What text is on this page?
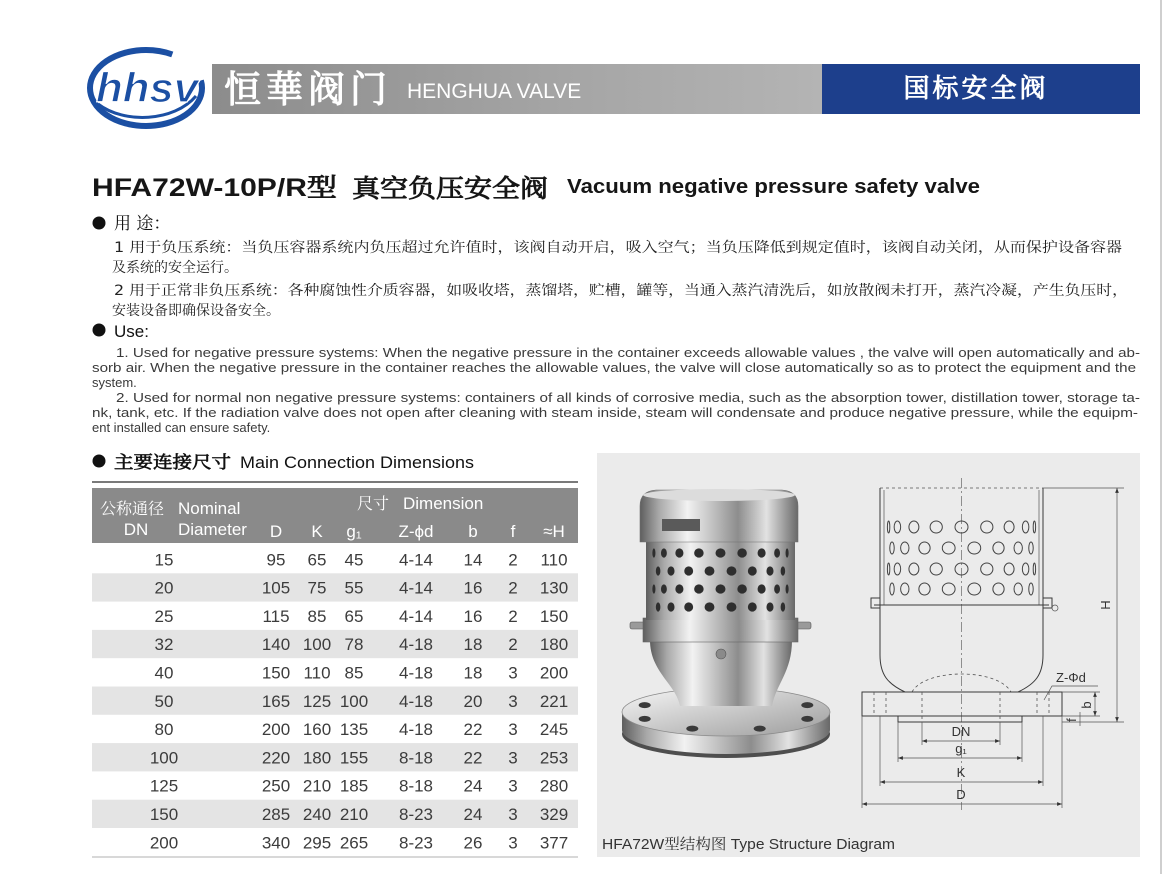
HFA72W-10P/R型 真空负压安全阀 Vacuum negative pressure safety valve
用 途：
1 用于负压系统：当负压容器系统内负压超过允许值时，该阀自动开启，吸入空气；当负压降低到规定值时，该阀自动关闭，从而保护设备容器
及系统的安全运行。
2 用于正常非负压系统：各种腐蚀性介质容器，如吸收塔，蒸馏塔，贮槽，罐等，当通入蒸汽清洗后，如放散阀未打开，蒸汽冷凝，产生负压时，
安装设备即确保设备安全。
Use:
1. Used for negative pressure systems: When the negative pressure in the container exceeds allowable values , the valve will open automatically and ab-
sorb air. When the negative pressure in the container reaches the allowable values, the valve will close automatically so as to protect the equipment and the
system.
2. Used for normal non negative pressure systems: containers of all kinds of corrosive media, such as the absorption tower, distillation tower, storage ta-
nk, tank, etc. If the radiation valve does not open after cleaning with steam inside, steam will condensate and produce negative pressure, while the equipm-
ent installed can ensure safety.
主要连接尺寸	Main Connection Dimensions
公称通径 Nominal
DN Diameter
尺寸 Dimension
D K g₁ Z-ϕd b f ≈H
15	95 65 45 4-14 14 2 110
20	105 75 55 4-14 16 2 130
25	115 85 65 4-14 16 2 150
32	140 100 78 4-18 18 2 180
40	150 110 85 4-18 18 3 200
50	165 125 100 4-18 20 3 221
80	200 160 135 4-18 22 3 245
100	220 180 155 8-18 22 3 253
125	250 210 185 8-18 24 3 280
150	285 240 210 8-23 24 3 329
200	340 295 265 8-23 26 3 377
DN
g₁
K
D
Z-Φd
H
b
f
HFA72W型结构图 Type Structure Diagram
hhsv 恒華阀门 HENGHUA VALVE	国标安全阀
